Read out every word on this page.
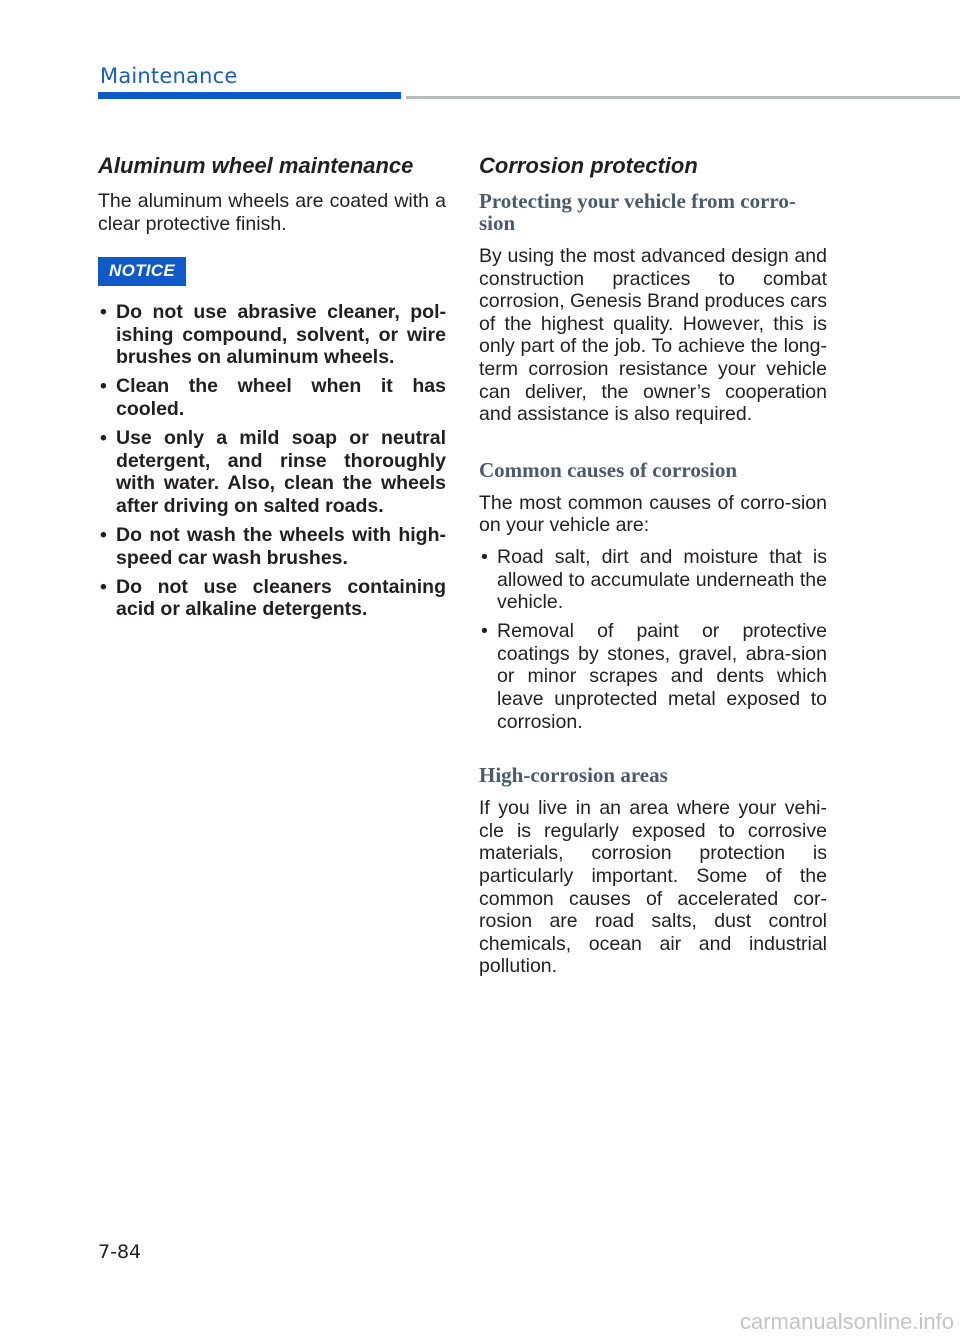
Maintenance
Aluminum wheel maintenance

The aluminum wheels are coated with a clear protective finish.

NOTICE
• Do not use abrasive cleaner, pol-ishing compound, solvent, or wire brushes on aluminum wheels.
• Clean the wheel when it has cooled.
• Use only a mild soap or neutral detergent, and rinse thoroughly with water. Also, clean the wheels after driving on salted roads.
• Do not wash the wheels with high-speed car wash brushes.
• Do not use cleaners containing acid or alkaline detergents.
Corrosion protection
Protecting your vehicle from corro-sion

By using the most advanced design and construction practices to combat corrosion, Genesis Brand produces cars of the highest quality. However, this is only part of the job. To achieve the long-term corrosion resistance your vehicle can deliver, the owner’s cooperation and assistance is also required.

Common causes of corrosion

The most common causes of corro-sion on your vehicle are:

• Road salt, dirt and moisture that is allowed to accumulate underneath the vehicle.
• Removal of paint or protective coatings by stones, gravel, abra-sion or minor scrapes and dents which leave unprotected metal exposed to corrosion.
High-corrosion areas

If you live in an area where your vehi-cle is regularly exposed to corrosive materials, corrosion protection is particularly important. Some of the common causes of accelerated cor-rosion are road salts, dust control chemicals, ocean air and industrial pollution.

7-84
carmanualsonline.info
